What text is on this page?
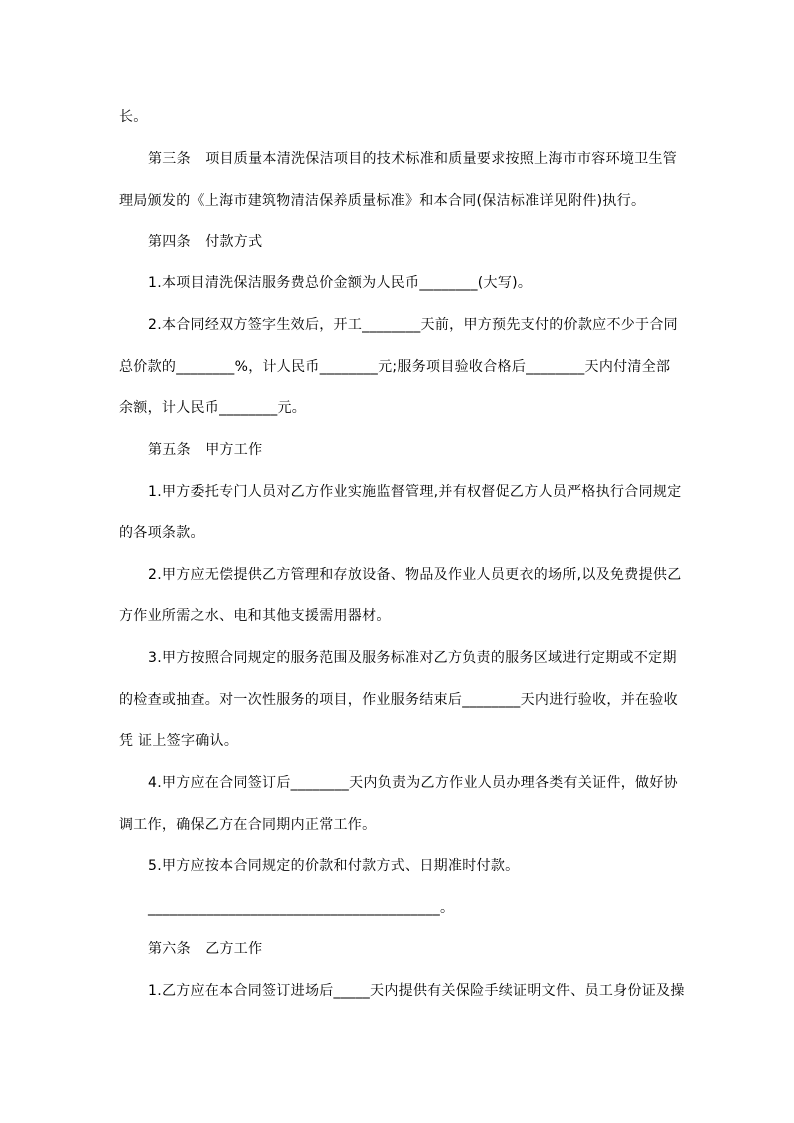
长。
第三条　项目质量本清洗保洁项目的技术标准和质量要求按照上海市市容环境卫生管
理局颁发的《上海市建筑物清洁保养质量标准》和本合同(保洁标准详见附件)执行。
第四条　付款方式
1.本项目清洗保洁服务费总价金额为人民币________(大写)。
2.本合同经双方签字生效后，开工________天前，甲方预先支付的价款应不少于合同
总价款的________%，计人民币________元;服务项目验收合格后________天内付清全部
余额，计人民币________元。
第五条　甲方工作
1.甲方委托专门人员对乙方作业实施监督管理,并有权督促乙方人员严格执行合同规定
的各项条款。
2.甲方应无偿提供乙方管理和存放设备、物品及作业人员更衣的场所,以及免费提供乙
方作业所需之水、电和其他支援需用器材。
3.甲方按照合同规定的服务范围及服务标准对乙方负责的服务区域进行定期或不定期
的检查或抽查。对一次性服务的项目，作业服务结束后________天内进行验收，并在验收
凭 证上签字确认。
4.甲方应在合同签订后________天内负责为乙方作业人员办理各类有关证件，做好协
调工作，确保乙方在合同期内正常工作。
5.甲方应按本合同规定的价款和付款方式、日期准时付款。
________________________________________。
第六条　乙方工作
1.乙方应在本合同签订进场后_____天内提供有关保险手续证明文件、员工身份证及操
